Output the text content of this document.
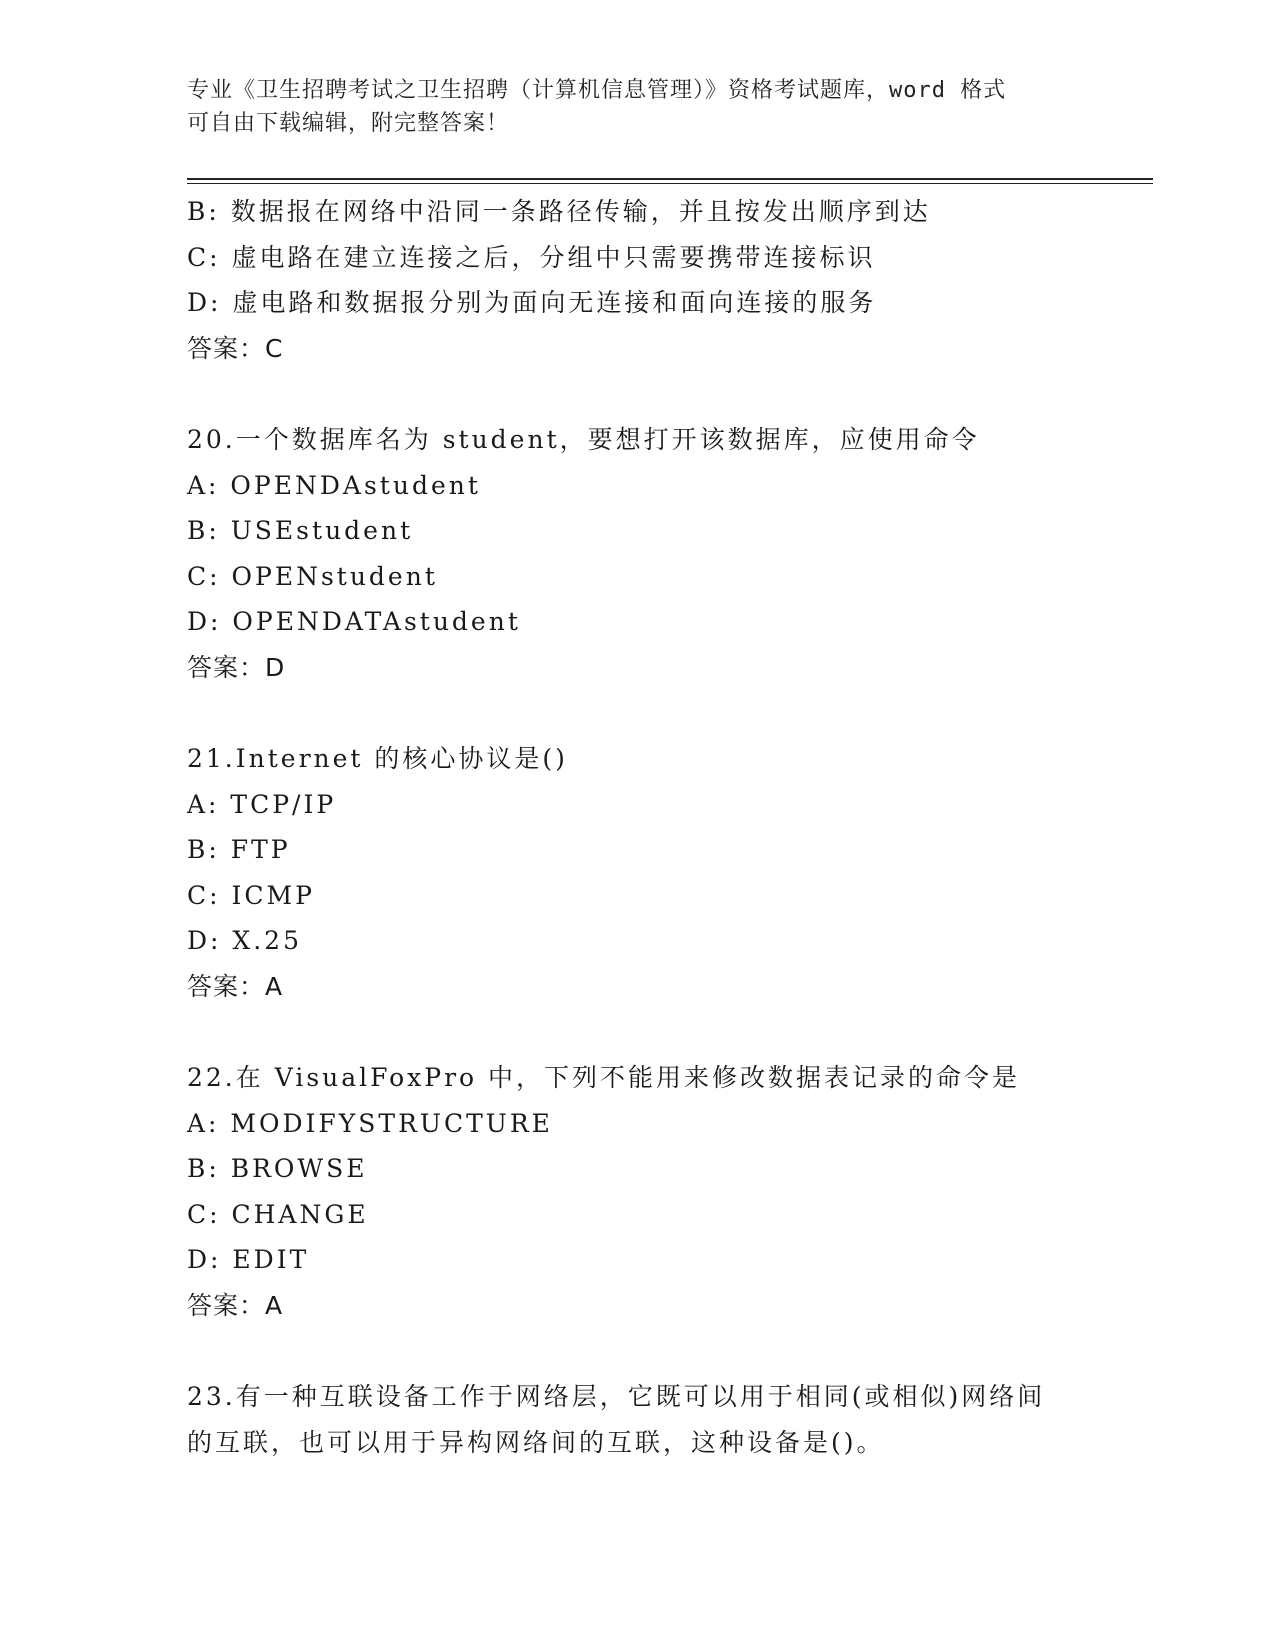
专业《卫生招聘考试之卫生招聘（计算机信息管理）》资格考试题库，word 格式
可自由下载编辑，附完整答案！
B: 数据报在网络中沿同一条路径传输，并且按发出顺序到达
C: 虚电路在建立连接之后，分组中只需要携带连接标识
D: 虚电路和数据报分别为面向无连接和面向连接的服务
答案：C
20.一个数据库名为 student，要想打开该数据库，应使用命令
A: OPENDAstudent
B: USEstudent
C: OPENstudent
D: OPENDATAstudent
答案：D
21.Internet 的核心协议是()
A: TCP/IP
B: FTP
C: ICMP
D: X.25
答案：A
22.在 VisualFoxPro 中，下列不能用来修改数据表记录的命令是
A: MODIFYSTRUCTURE
B: BROWSE
C: CHANGE
D: EDIT
答案：A
23.有一种互联设备工作于网络层，它既可以用于相同(或相似)网络间
的互联，也可以用于异构网络间的互联，这种设备是()。
